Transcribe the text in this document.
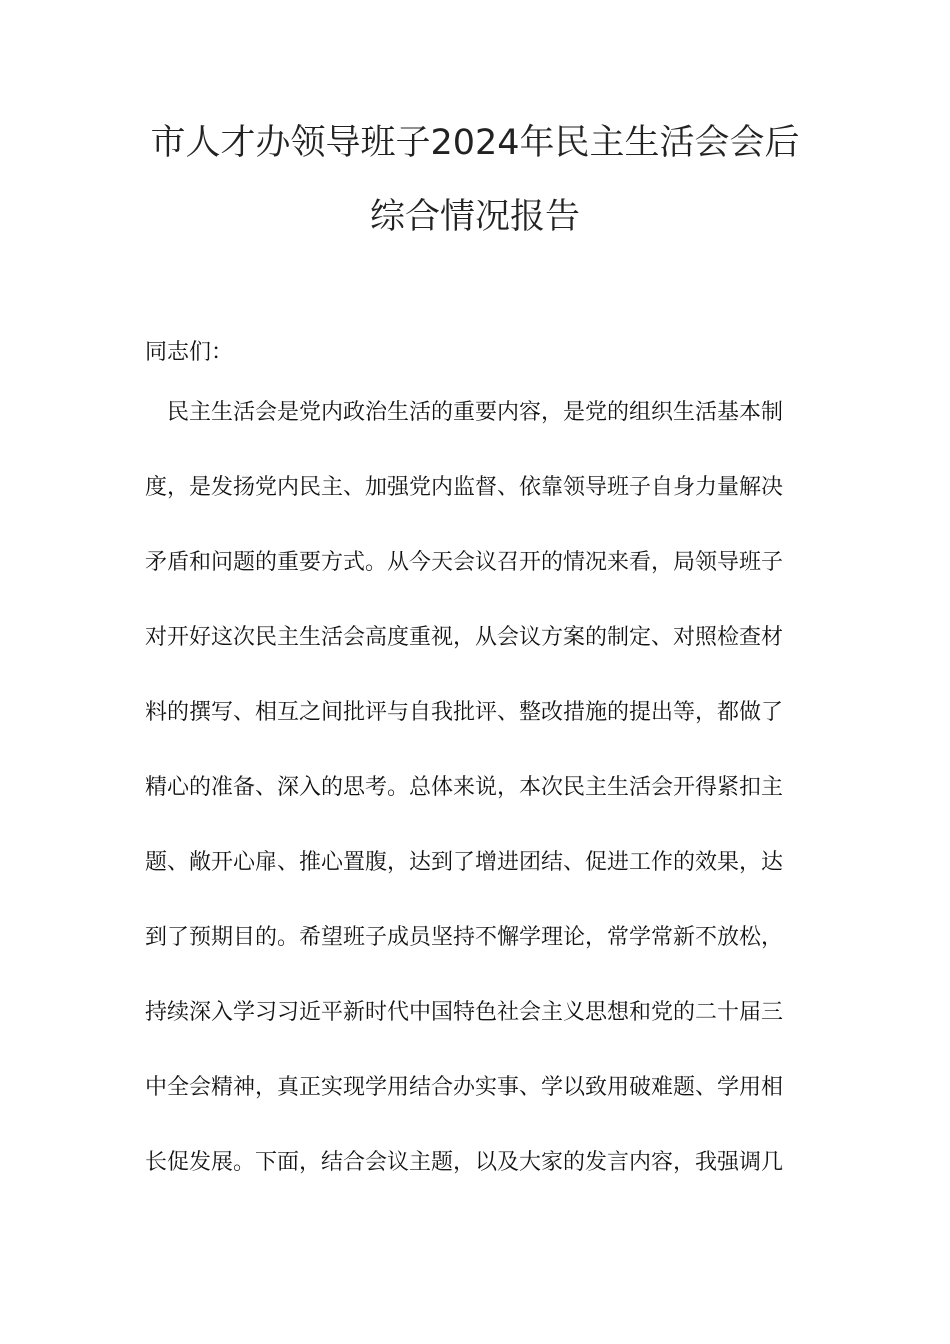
市人才办领导班子2024年民主生活会会后
综合情况报告
同志们：
　民主生活会是党内政治生活的重要内容，是党的组织生活基本制
度，是发扬党内民主、加强党内监督、依靠领导班子自身力量解决
矛盾和问题的重要方式。从今天会议召开的情况来看，局领导班子
对开好这次民主生活会高度重视，从会议方案的制定、对照检查材
料的撰写、相互之间批评与自我批评、整改措施的提出等，都做了
精心的准备、深入的思考。总体来说，本次民主生活会开得紧扣主
题、敞开心扉、推心置腹，达到了增进团结、促进工作的效果，达
到了预期目的。希望班子成员坚持不懈学理论，常学常新不放松，
持续深入学习习近平新时代中国特色社会主义思想和党的二十届三
中全会精神，真正实现学用结合办实事、学以致用破难题、学用相
长促发展。下面，结合会议主题，以及大家的发言内容，我强调几
